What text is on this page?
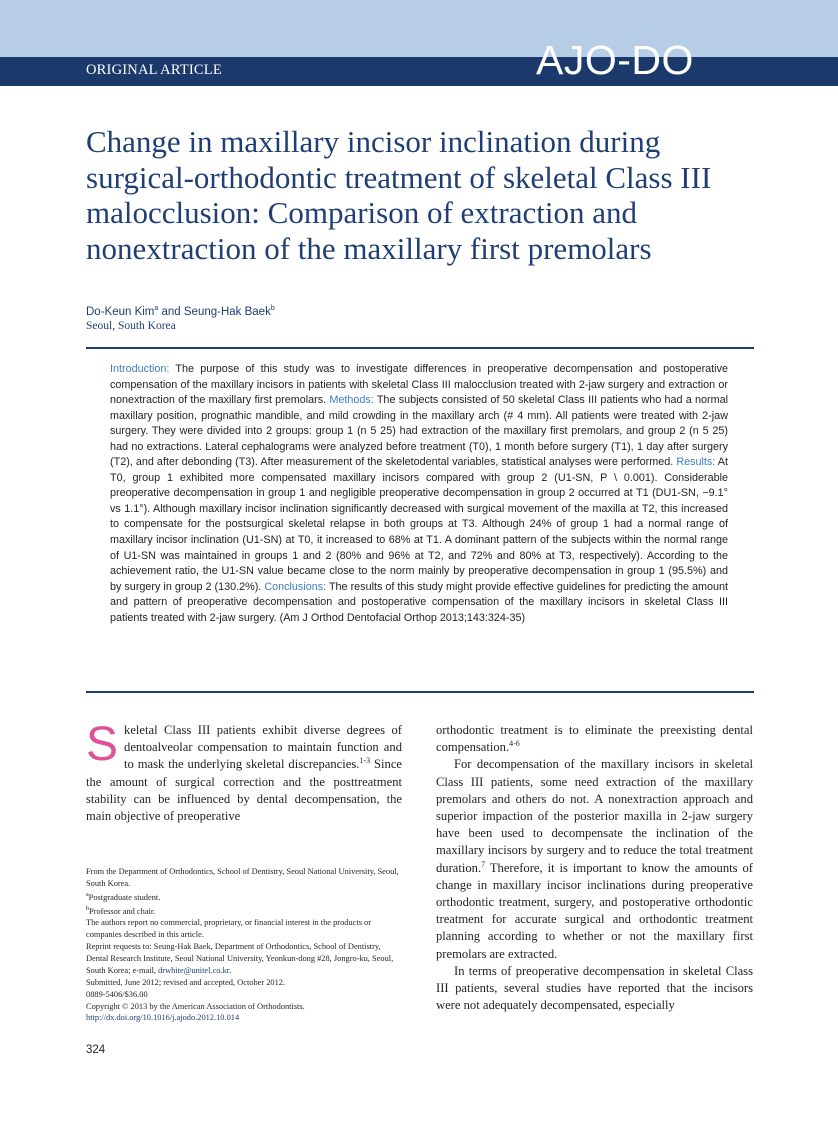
ORIGINAL ARTICLE	AJO-DO
Change in maxillary incisor inclination during surgical-orthodontic treatment of skeletal Class III malocclusion: Comparison of extraction and nonextraction of the maxillary first premolars
Do-Keun Kim$^a$ and Seung-Hak Baek$^b$
Seoul, South Korea

Introduction: The purpose of this study was to investigate differences in preoperative decompensation and postoperative compensation of the maxillary incisors in patients with skeletal Class III malocclusion treated with 2-jaw surgery and extraction or nonextraction of the maxillary first premolars. Methods: The subjects consisted of 50 skeletal Class III patients who had a normal maxillary position, prognathic mandible, and mild crowding in the maxillary arch (# 4 mm). All patients were treated with 2-jaw surgery. They were divided into 2 groups: group 1 (n 5 25) had extraction of the maxillary first premolars, and group 2 (n 5 25) had no extractions. Lateral cephalograms were analyzed before treatment (T0), 1 month before surgery (T1), 1 day after surgery (T2), and after debonding (T3). After measurement of the skeletodental variables, statistical analyses were performed. Results: At T0, group 1 exhibited more compensated maxillary incisors compared with group 2 (U1-SN, P \ 0.001). Considerable preoperative decompensation in group 1 and negligible preoperative decompensation in group 2 occurred at T1 (DU1-SN, −9.1° vs 1.1°). Although maxillary incisor inclination significantly decreased with surgical movement of the maxilla at T2, this increased to compensate for the postsurgical skeletal relapse in both groups at T3. Although 24% of group 1 had a normal range of maxillary incisor inclination (U1-SN) at T0, it increased to 68% at T1. A dominant pattern of the subjects within the normal range of U1-SN was maintained in groups 1 and 2 (80% and 96% at T2, and 72% and 80% at T3, respectively). According to the achievement ratio, the U1-SN value became close to the norm mainly by preoperative decompensation in group 1 (95.5%) and by surgery in group 2 (130.2%). Conclusions: The results of this study might provide effective guidelines for predicting the amount and pattern of preoperative decompensation and postoperative compensation of the maxillary incisors in skeletal Class III patients treated with 2-jaw surgery. (Am J Orthod Dentofacial Orthop 2013;143:324-35)

Skeletal Class III patients exhibit diverse degrees of dentoalveolar compensation to maintain function and to mask the underlying skeletal discrepancies.$^{1-3}$ Since the amount of surgical correction and the posttreatment stability can be influenced by dental decompensation, the main objective of preoperative

orthodontic treatment is to eliminate the preexisting dental compensation.$^{4-6}$

For decompensation of the maxillary incisors in skeletal Class III patients, some need extraction of the maxillary premolars and others do not. A nonextraction approach and superior impaction of the posterior maxilla in 2-jaw surgery have been used to decompensate the inclination of the maxillary incisors by surgery and to reduce the total treatment duration.$^7$ Therefore, it is important to know the amounts of change in maxillary incisor inclinations during preoperative orthodontic treatment, surgery, and postoperative orthodontic treatment for accurate surgical and orthodontic treatment planning according to whether or not the maxillary first premolars are extracted.

In terms of preoperative decompensation in skeletal Class III patients, several studies have reported that the incisors were not adequately decompensated, especially

From the Department of Orthodontics, School of Dentistry, Seoul National University, Seoul, South Korea.
$^a$Postgraduate student.
$^b$Professor and chair.
The authors report no commercial, proprietary, or financial interest in the products or companies described in this article.
Reprint requests to: Seung-Hak Baek, Department of Orthodontics, School of Dentistry, Dental Research Institute, Seoul National University, Yeonkun-dong #28, Jongro-ku, Seoul, South Korea; e-mail, drwhite@unitel.co.kr.
Submitted, June 2012; revised and accepted, October 2012.
0889-5406/$36.00
Copyright © 2013 by the American Association of Orthodontists.
http://dx.doi.org/10.1016/j.ajodo.2012.10.014
324
